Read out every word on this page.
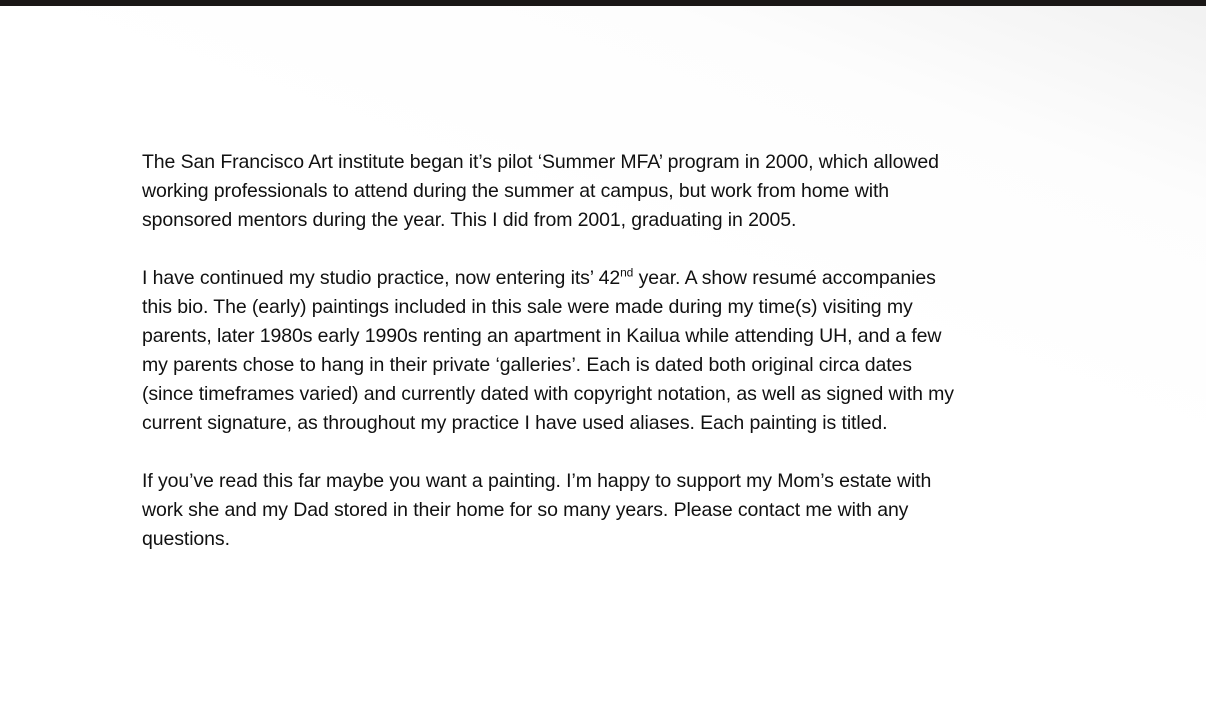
The San Francisco Art institute began it’s pilot ‘Summer MFA’ program in 2000, which allowed
working professionals to attend during the summer at campus, but work from home with
sponsored mentors during the year. This I did from 2001, graduating in 2005.

I have continued my studio practice, now entering its’ 42nd year. A show resumé accompanies
this bio. The (early) paintings included in this sale were made during my time(s) visiting my
parents, later 1980s early 1990s renting an apartment in Kailua while attending UH, and a few
my parents chose to hang in their private ‘galleries’. Each is dated both original circa dates
(since timeframes varied) and currently dated with copyright notation, as well as signed with my
current signature, as throughout my practice I have used aliases. Each painting is titled.

If you’ve read this far maybe you want a painting. I’m happy to support my Mom’s estate with
work she and my Dad stored in their home for so many years. Please contact me with any
questions.
